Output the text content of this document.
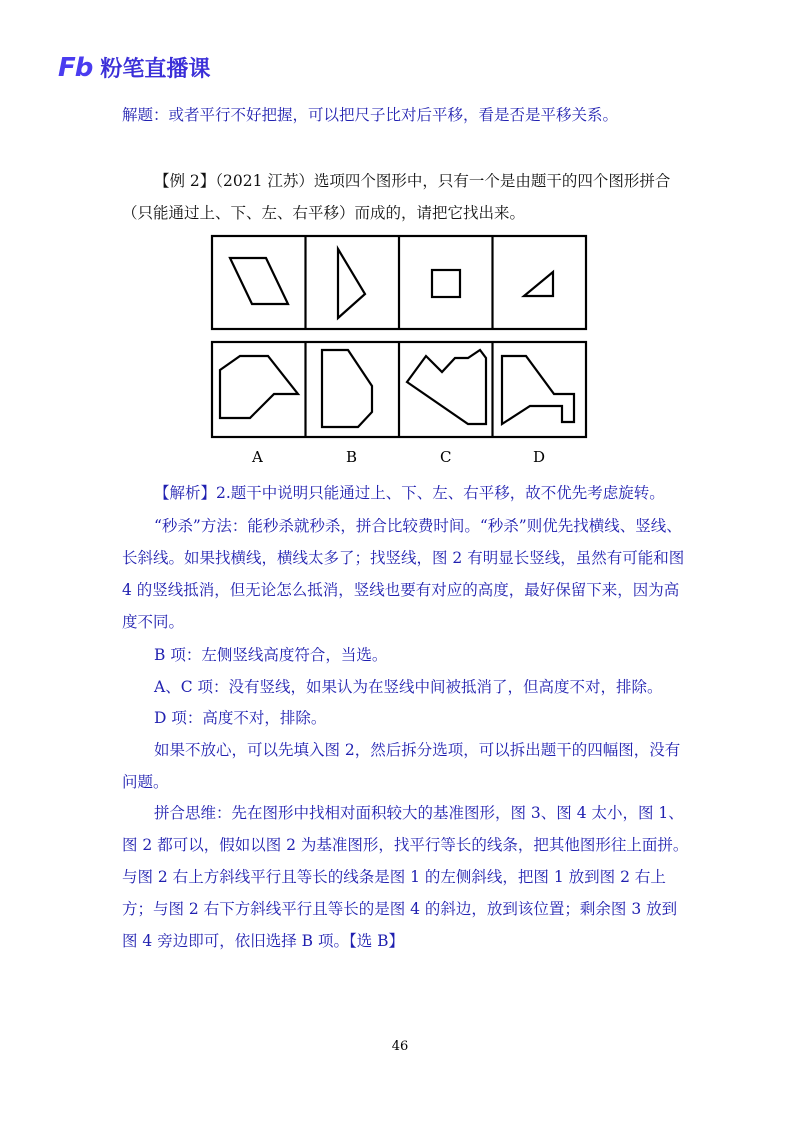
Fb 粉笔直播课
解题：或者平行不好把握，可以把尺子比对后平移，看是否是平移关系。
【例 2】（2021 江苏）选项四个图形中，只有一个是由题干的四个图形拼合（只能通过上、下、左、右平移）而成的，请把它找出来。
A	B	C	D
【解析】2.题干中说明只能通过上、下、左、右平移，故不优先考虑旋转。
“秒杀”方法：能秒杀就秒杀，拼合比较费时间。“秒杀”则优先找横线、竖线、长斜线。如果找横线，横线太多了；找竖线，图 2 有明显长竖线，虽然有可能和图 4 的竖线抵消，但无论怎么抵消，竖线也要有对应的高度，最好保留下来，因为高度不同。
B 项：左侧竖线高度符合，当选。
A、C 项：没有竖线，如果认为在竖线中间被抵消了，但高度不对，排除。
D 项：高度不对，排除。
如果不放心，可以先填入图 2，然后拆分选项，可以拆出题干的四幅图，没有问题。
拼合思维：先在图形中找相对面积较大的基准图形，图 3、图 4 太小，图 1、图 2 都可以，假如以图 2 为基准图形，找平行等长的线条，把其他图形往上面拼。与图 2 右上方斜线平行且等长的线条是图 1 的左侧斜线，把图 1 放到图 2 右上方；与图 2 右下方斜线平行且等长的是图 4 的斜边，放到该位置；剩余图 3 放到图 4 旁边即可，依旧选择 B 项。【选 B】
46
